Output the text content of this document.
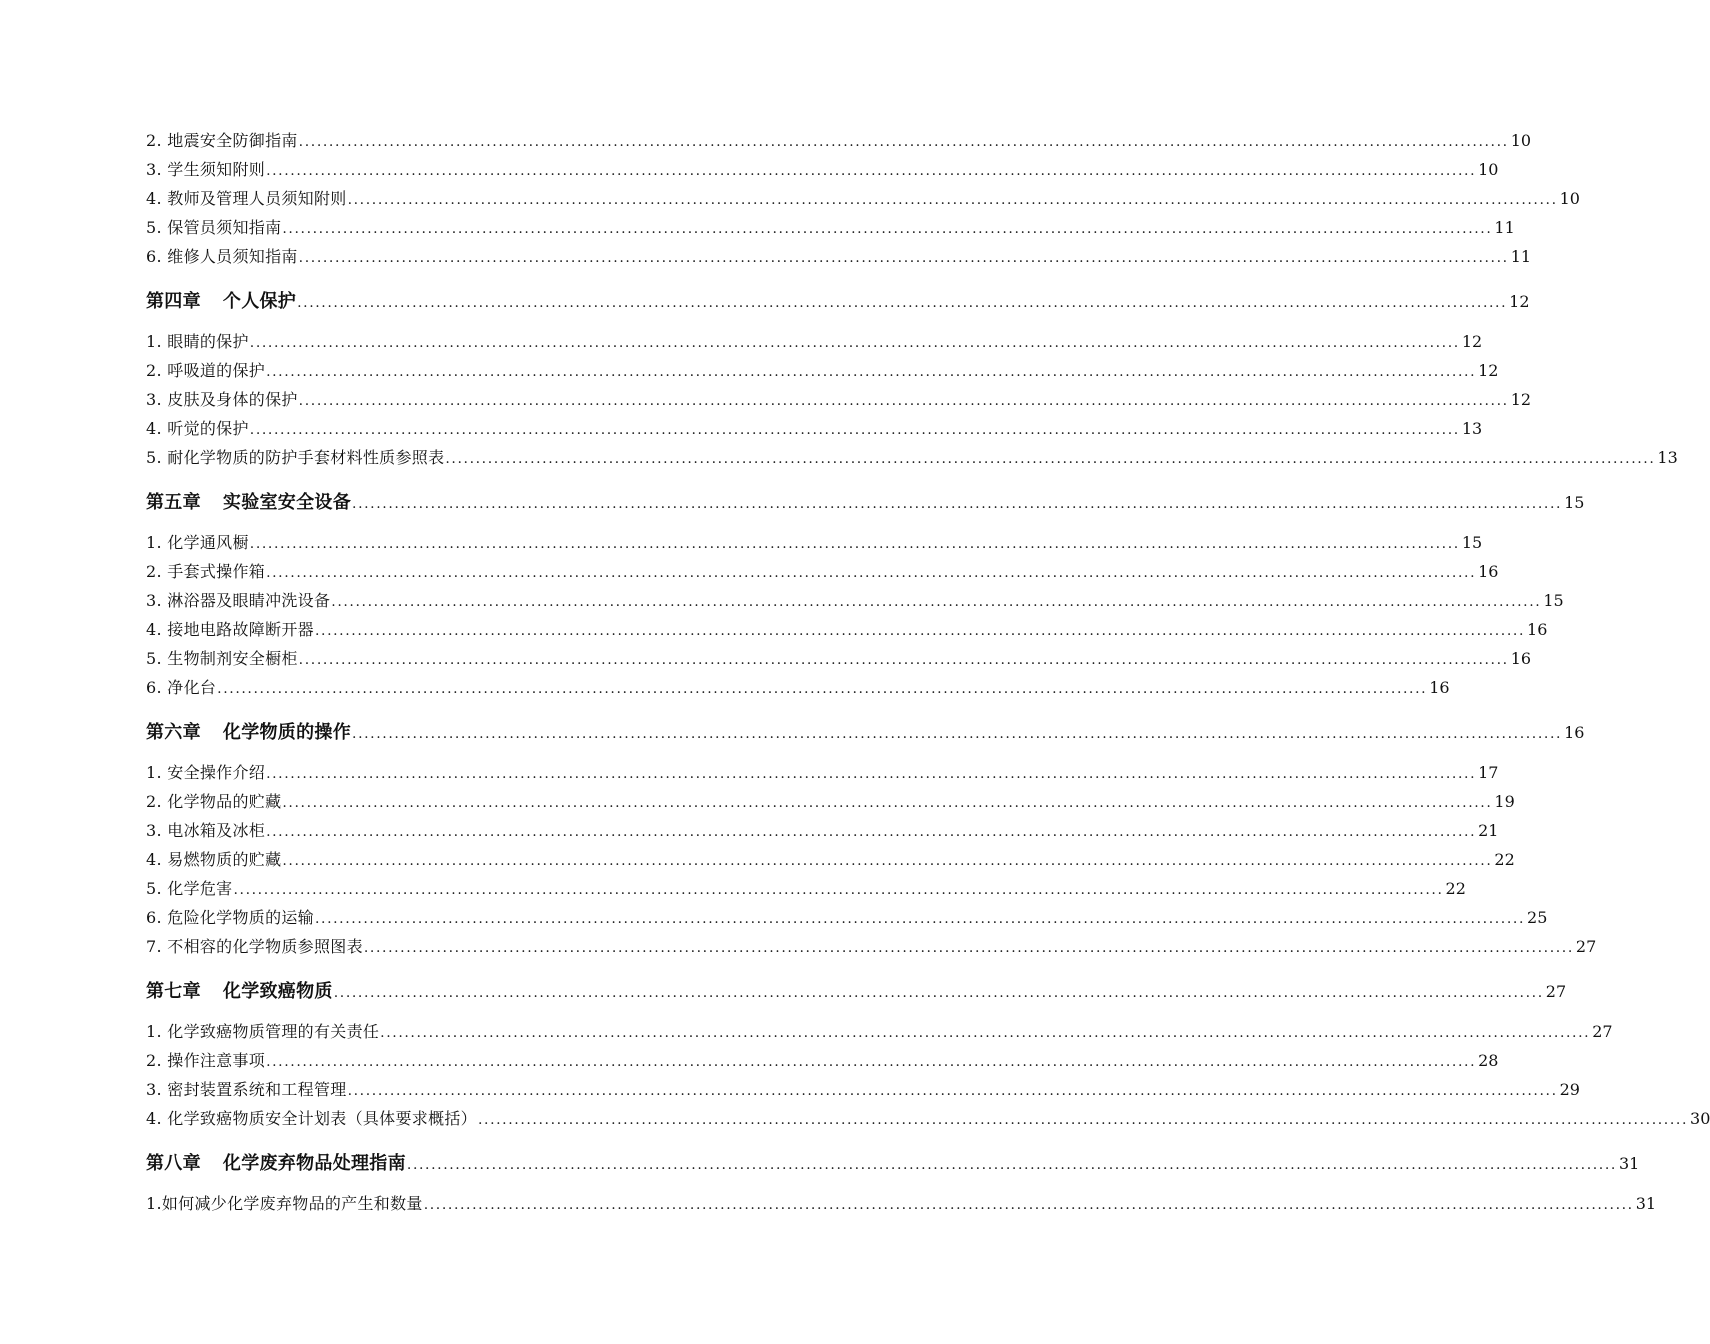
2. 地震安全防御指南 ........................................................................................................................................................................................................ 10
3. 学生须知附则 ........................................................................................................................................................................................................ 10
4. 教师及管理人员须知附则 ........................................................................................................................................................................................................ 10
5. 保管员须知指南 ........................................................................................................................................................................................................ 11
6. 维修人员须知指南 ........................................................................................................................................................................................................ 11
第四章 个人保护 ........................................................................................................................................................................................................ 12
1. 眼睛的保护 ........................................................................................................................................................................................................ 12
2. 呼吸道的保护 ........................................................................................................................................................................................................ 12
3. 皮肤及身体的保护 ........................................................................................................................................................................................................ 12
4. 听觉的保护 ........................................................................................................................................................................................................ 13
5. 耐化学物质的防护手套材料性质参照表 ........................................................................................................................................................................................................ 13
第五章 实验室安全设备 ........................................................................................................................................................................................................ 15
1. 化学通风橱 ........................................................................................................................................................................................................ 15
2. 手套式操作箱 ........................................................................................................................................................................................................ 16
3. 淋浴器及眼睛冲洗设备 ........................................................................................................................................................................................................ 15
4. 接地电路故障断开器 ........................................................................................................................................................................................................ 16
5. 生物制剂安全橱柜 ........................................................................................................................................................................................................ 16
6. 净化台 ........................................................................................................................................................................................................ 16
第六章 化学物质的操作 ........................................................................................................................................................................................................ 16
1. 安全操作介绍 ........................................................................................................................................................................................................ 17
2. 化学物品的贮藏 ........................................................................................................................................................................................................ 19
3. 电冰箱及冰柜 ........................................................................................................................................................................................................ 21
4. 易燃物质的贮藏 ........................................................................................................................................................................................................ 22
5. 化学危害 ........................................................................................................................................................................................................ 22
6. 危险化学物质的运输 ........................................................................................................................................................................................................ 25
7. 不相容的化学物质参照图表 ........................................................................................................................................................................................................ 27
第七章 化学致癌物质 ........................................................................................................................................................................................................ 27
1. 化学致癌物质管理的有关责任 ........................................................................................................................................................................................................ 27
2. 操作注意事项 ........................................................................................................................................................................................................ 28
3. 密封装置系统和工程管理 ........................................................................................................................................................................................................ 29
4. 化学致癌物质安全计划表（具体要求概括） ........................................................................................................................................................................................................ 30
第八章 化学废弃物品处理指南 ........................................................................................................................................................................................................ 31
1.如何减少化学废弃物品的产生和数量 ........................................................................................................................................................................................................ 31
